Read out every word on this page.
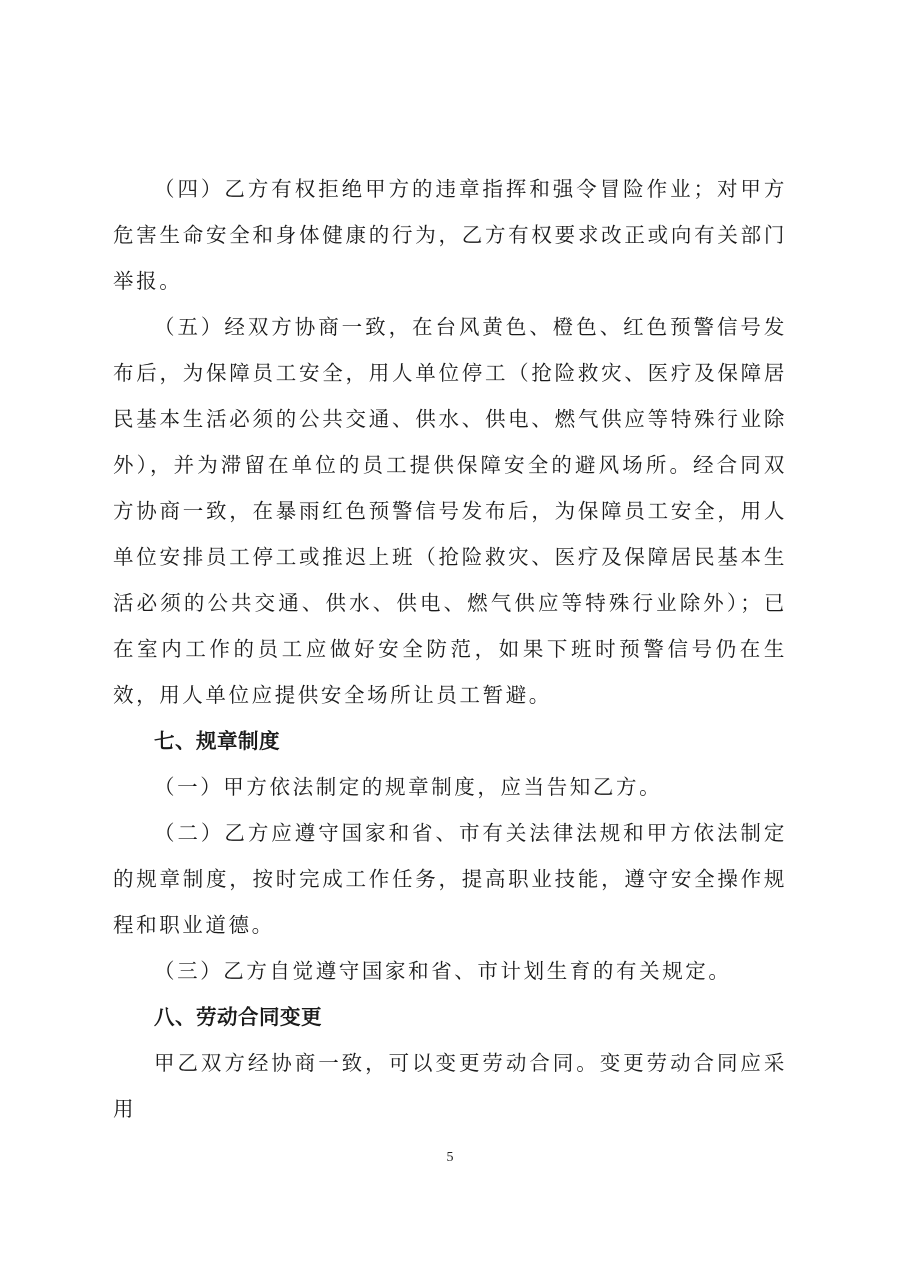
（四）乙方有权拒绝甲方的违章指挥和强令冒险作业；对甲方危害生命安全和身体健康的行为，乙方有权要求改正或向有关部门举报。

（五）经双方协商一致，在台风黄色、橙色、红色预警信号发布后，为保障员工安全，用人单位停工（抢险救灾、医疗及保障居民基本生活必须的公共交通、供水、供电、燃气供应等特殊行业除外），并为滞留在单位的员工提供保障安全的避风场所。经合同双方协商一致，在暴雨红色预警信号发布后，为保障员工安全，用人单位安排员工停工或推迟上班（抢险救灾、医疗及保障居民基本生活必须的公共交通、供水、供电、燃气供应等特殊行业除外）；已在室内工作的员工应做好安全防范，如果下班时预警信号仍在生效，用人单位应提供安全场所让员工暂避。

七、规章制度

（一）甲方依法制定的规章制度，应当告知乙方。

（二）乙方应遵守国家和省、市有关法律法规和甲方依法制定的规章制度，按时完成工作任务，提高职业技能，遵守安全操作规程和职业道德。

（三）乙方自觉遵守国家和省、市计划生育的有关规定。

八、劳动合同变更

甲乙双方经协商一致，可以变更劳动合同。变更劳动合同应采用

5
